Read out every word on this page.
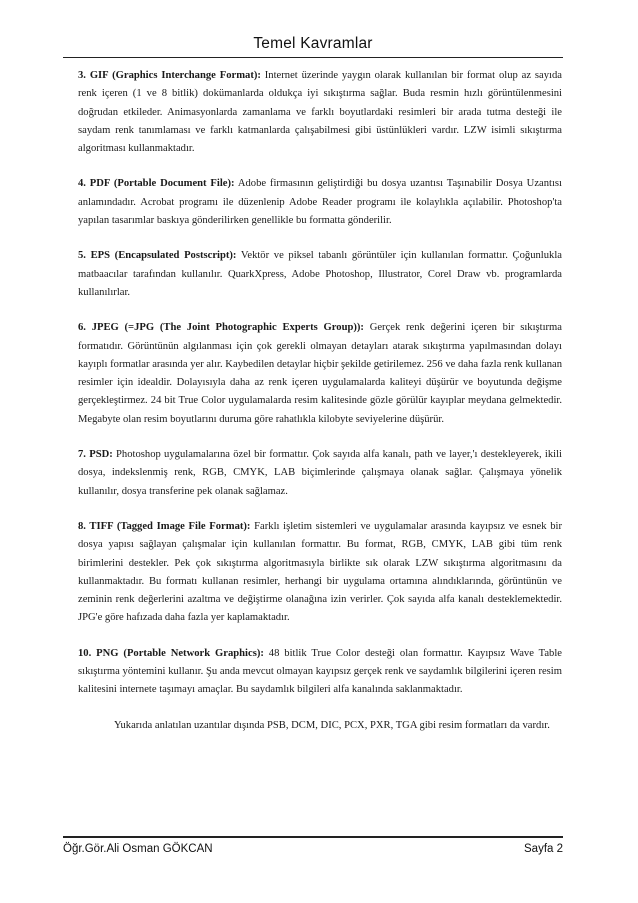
Temel Kavramlar

3. GIF (Graphics Interchange Format): Internet üzerinde yaygın olarak kullanılan bir format olup az sayıda renk içeren (1 ve 8 bitlik) dokümanlarda oldukça iyi sıkıştırma sağlar. Buda resmin hızlı görüntülenmesini doğrudan etkileder. Animasyonlarda zamanlama ve farklı boyutlardaki resimleri bir arada tutma desteği ile saydam renk tanımlaması ve farklı katmanlarda çalışabilmesi gibi üstünlükleri vardır. LZW isimli sıkıştırma algoritması kullanmaktadır.

4. PDF (Portable Document File): Adobe firmasının geliştirdiği bu dosya uzantısı Taşınabilir Dosya Uzantısı anlamındadır. Acrobat programı ile düzenlenip Adobe Reader programı ile kolaylıkla açılabilir. Photoshop'ta yapılan tasarımlar baskıya gönderilirken genellikle bu formatta gönderilir.

5. EPS (Encapsulated Postscript): Vektör ve piksel tabanlı görüntüler için kullanılan formattır. Çoğunlukla matbaacılar tarafından kullanılır. QuarkXpress, Adobe Photoshop, Illustrator, Corel Draw vb. programlarda kullanılırlar.

6. JPEG (=JPG (The Joint Photographic Experts Group)): Gerçek renk değerini içeren bir sıkıştırma formatıdır. Görüntünün algılanması için çok gerekli olmayan detayları atarak sıkıştırma yapılmasından dolayı kayıplı formatlar arasında yer alır. Kaybedilen detaylar hiçbir şekilde getirilemez. 256 ve daha fazla renk kullanan resimler için idealdir. Dolayısıyla daha az renk içeren uygulamalarda kaliteyi düşürür ve boyutunda değişme gerçekleştirmez. 24 bit True Color uygulamalarda resim kalitesinde gözle görülür kayıplar meydana gelmektedir. Megabyte olan resim boyutlarını duruma göre rahatlıkla kilobyte seviyelerine düşürür.

7. PSD: Photoshop uygulamalarına özel bir formattır. Çok sayıda alfa kanalı, path ve layer,'ı destekleyerek, ikili dosya, indekslenmiş renk, RGB, CMYK, LAB biçimlerinde çalışmaya olanak sağlar. Çalışmaya yönelik kullanılır, dosya transferine pek olanak sağlamaz.

8. TIFF (Tagged Image File Format): Farklı işletim sistemleri ve uygulamalar arasında kayıpsız ve esnek bir dosya yapısı sağlayan çalışmalar için kullanılan formattır. Bu format, RGB, CMYK, LAB gibi tüm renk birimlerini destekler. Pek çok sıkıştırma algoritmasıyla birlikte sık olarak LZW sıkıştırma algoritmasını da kullanmaktadır. Bu formatı kullanan resimler, herhangi bir uygulama ortamına alındıklarında, görüntünün ve zeminin renk değerlerini azaltma ve değiştirme olanağına izin verirler. Çok sayıda alfa kanalı desteklemektedir. JPG'e göre hafızada daha fazla yer kaplamaktadır.

10. PNG (Portable Network Graphics): 48 bitlik True Color desteği olan formattır. Kayıpsız Wave Table sıkıştırma yöntemini kullanır. Şu anda mevcut olmayan kayıpsız gerçek renk ve saydamlık bilgilerini içeren resim kalitesini internete taşımayı amaçlar. Bu saydamlık bilgileri alfa kanalında saklanmaktadır.

Yukarıda anlatılan uzantılar dışında PSB, DCM, DIC, PCX, PXR, TGA gibi resim formatları da vardır.

Öğr.Gör.Ali Osman GÖKCAN	Sayfa 2
